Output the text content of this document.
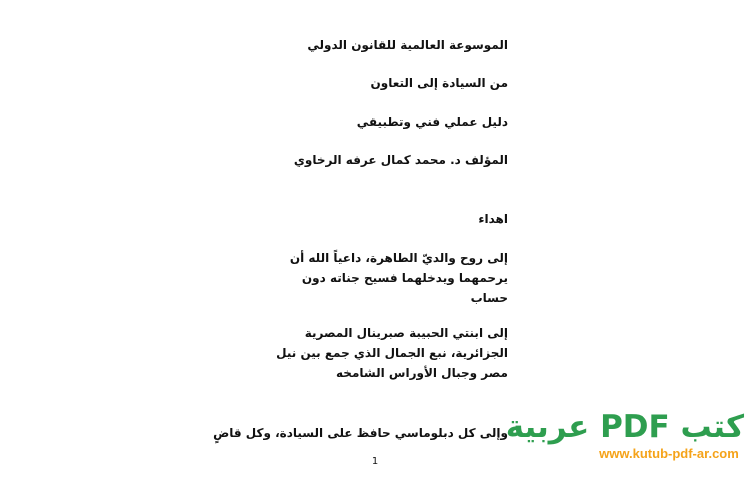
الموسوعة العالمية للقانون الدولي
من السيادة إلى التعاون
دليل عملي فني وتطبيقي
المؤلف د. محمد كمال عرفه الرخاوي
اهداء
إلى روح والديّ الطاهرة، داعياً الله أن يرحمهما ويدخلهما فسيح جناته دون حساب
إلى ابنتي الحبيبة صبرينال المصرية الجزائرية، نبع الجمال الذي جمع بين نيل مصر وجبال الأوراس الشامخه
وإلى كل دبلوماسي حافظ على السيادة، وكل قاضٍ
1
كتب PDF عربية
www.kutub-pdf-ar.com
